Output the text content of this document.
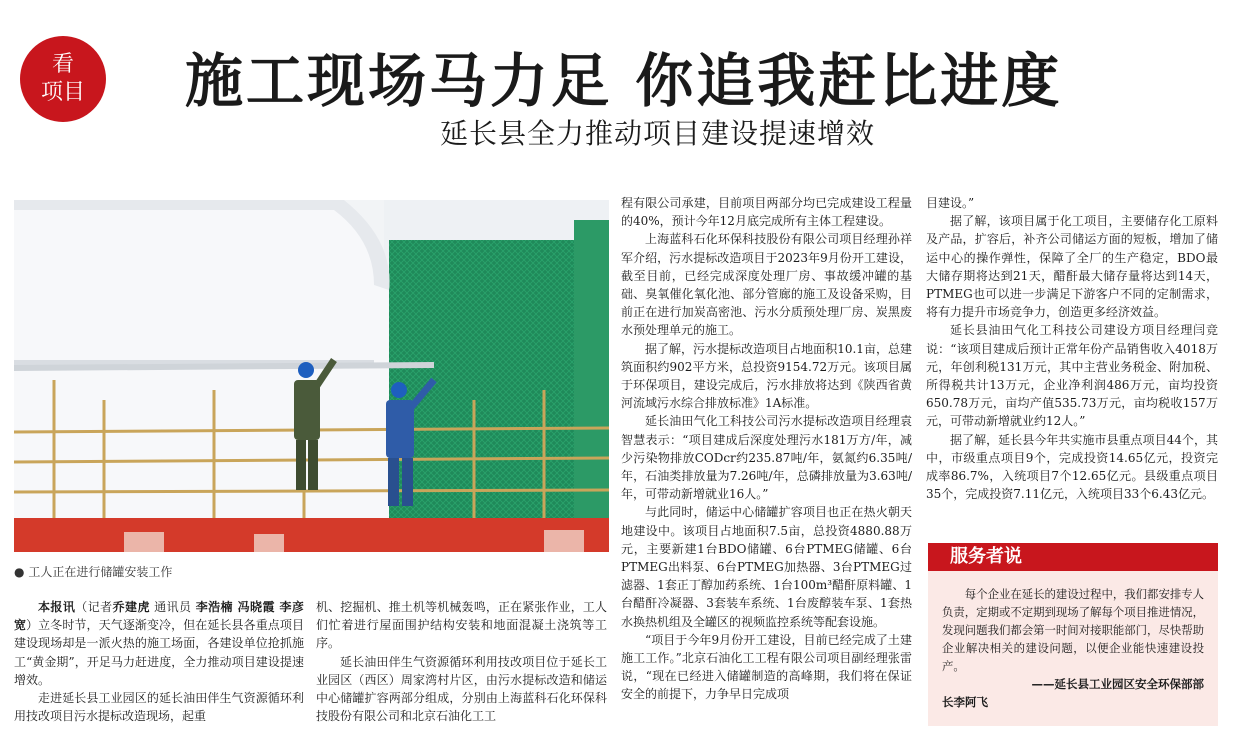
看
项目 施工现场马力足 你追我赶比进度
延长县全力推动项目建设提速增效
● 工人正在进行储罐安装工作

本报讯（记者乔建虎 通讯员 李浩楠 冯晓霞 李彦宽）立冬时节，天气逐渐变冷，但在延长县各重点项目建设现场却是一派火热的施工场面，各建设单位抢抓施工“黄金期”，开足马力赶进度，全力推动项目建设提速增效。

走进延长县工业园区的延长油田伴生气资源循环利用技改项目污水提标改造现场，起重

机、挖掘机、推土机等机械轰鸣，正在紧张作业，工人们忙着进行屋面围护结构安装和地面混凝土浇筑等工序。

延长油田伴生气资源循环利用技改项目位于延长工业园区（西区）周家湾村片区，由污水提标改造和储运中心储罐扩容两部分组成，分别由上海蓝科石化环保科技股份有限公司和北京石油化工工

程有限公司承建，目前项目两部分均已完成建设工程量的40%，预计今年12月底完成所有主体工程建设。

上海蓝科石化环保科技股份有限公司项目经理孙祥军介绍，污水提标改造项目于2023年9月份开工建设，截至目前，已经完成深度处理厂房、事故缓冲罐的基础、臭氧催化氧化池、部分管廊的施工及设备采购，目前正在进行加炭高密池、污水分质预处理厂房、炭黑废水预处理单元的施工。

据了解，污水提标改造项目占地面积10.1亩，总建筑面积约902平方米，总投资9154.72万元。该项目属于环保项目，建设完成后，污水排放将达到《陕西省黄河流域污水综合排放标准》1A标准。

延长油田气化工科技公司污水提标改造项目经理袁智慧表示：“项目建成后深度处理污水181万方/年，减少污染物排放CODcr约235.87吨/年，氨氮约6.35吨/年，石油类排放量为7.26吨/年，总磷排放量为3.63吨/年，可带动新增就业16人。”

与此同时，储运中心储罐扩容项目也正在热火朝天地建设中。该项目占地面积7.5亩，总投资4880.88万元，主要新建1台BDO储罐、6台PTMEG储罐、6台PTMEG出料泵、6台PTMEG加热器、3台PTMEG过滤器、1套正丁醇加药系统、1台100m³醋酐原料罐、1台醋酐冷凝器、3套装车系统、1台废醇装车泵、1套热水换热机组及全罐区的视频监控系统等配套设施。

“项目于今年9月份开工建设，目前已经完成了土建施工工作。”北京石油化工工程有限公司项目副经理张雷说，“现在已经进入储罐制造的高峰期，我们将在保证安全的前提下，力争早日完成项

目建设。”

据了解，该项目属于化工项目，主要储存化工原料及产品，扩容后，补齐公司储运方面的短板，增加了储运中心的操作弹性，保障了全厂的生产稳定，BDO最大储存期将达到21天，醋酐最大储存量将达到14天，PTMEG也可以进一步满足下游客户不同的定制需求，将有力提升市场竞争力，创造更多经济效益。

延长县油田气化工科技公司建设方项目经理闫竞说：“该项目建成后预计正常年份产品销售收入4018万元，年创利税131万元，其中主营业务税金、附加税、所得税共计13万元，企业净利润486万元，亩均投资650.78万元，亩均产值535.73万元，亩均税收157万元，可带动新增就业约12人。”

据了解，延长县今年共实施市县重点项目44个，其中，市级重点项目9个，完成投资14.65亿元，投资完成率86.7%，入统项目7个12.65亿元。县级重点项目35个，完成投资7.11亿元，入统项目33个6.43亿元。

服务者说

每个企业在延长的建设过程中，我们都安排专人负责，定期或不定期到现场了解每个项目推进情况，发现问题我们都会第一时间对接职能部门，尽快帮助企业解决相关的建设问题，以便企业能快速建设投产。

——延长县工业园区安全环保部部

长李阿飞
